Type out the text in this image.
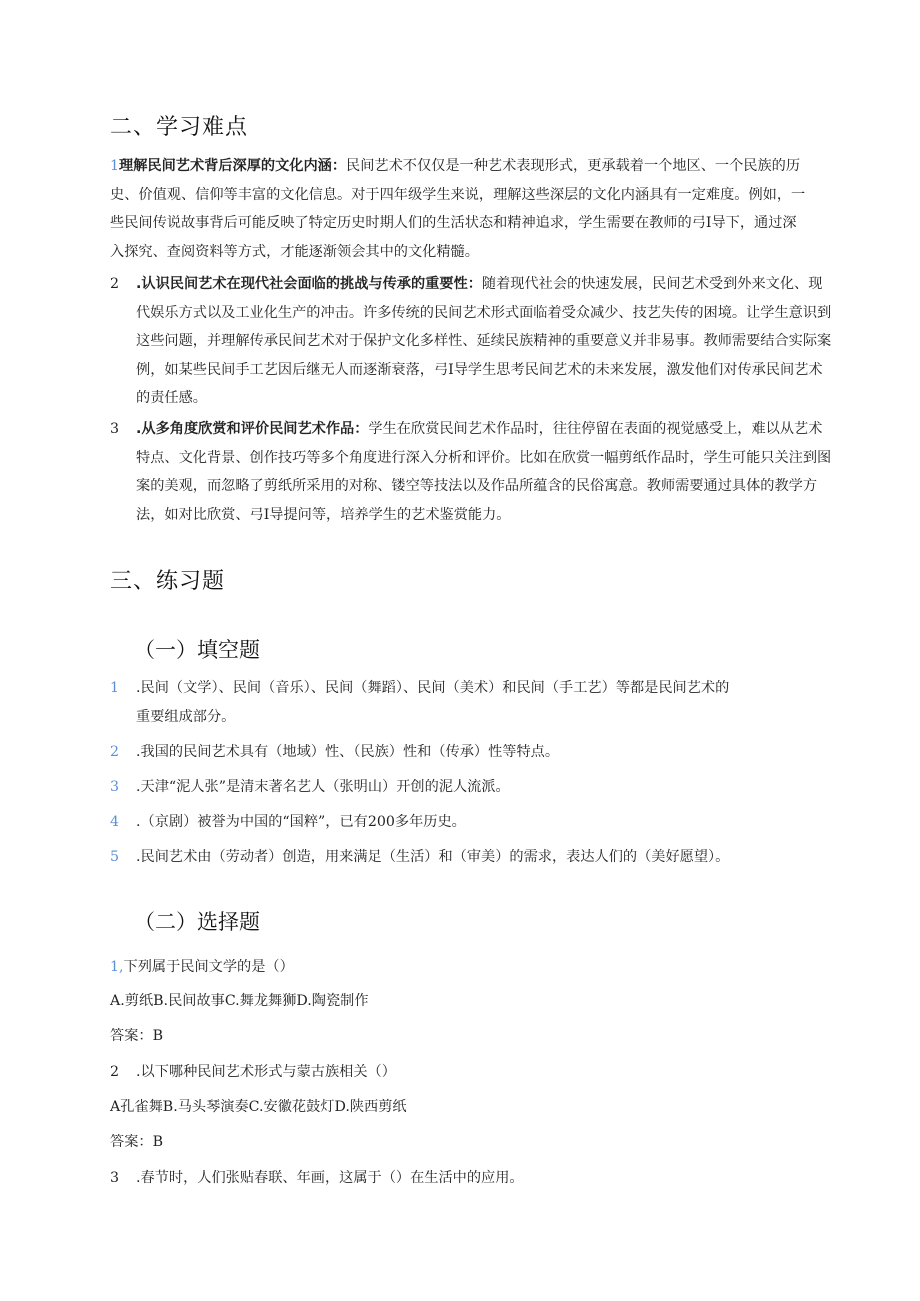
二、学习难点
1理解民间艺术背后深厚的文化内涵：民间艺术不仅仅是一种艺术表现形式，更承载着一个地区、一个民族的历史、价值观、信仰等丰富的文化信息。对于四年级学生来说，理解这些深层的文化内涵具有一定难度。例如，一些民间传说故事背后可能反映了特定历史时期人们的生活状态和精神追求，学生需要在教师的弓I导下，通过深入探究、查阅资料等方式，才能逐渐领会其中的文化精髓。
2 .认识民间艺术在现代社会面临的挑战与传承的重要性：随着现代社会的快速发展，民间艺术受到外来文化、现代娱乐方式以及工业化生产的冲击。许多传统的民间艺术形式面临着受众减少、技艺失传的困境。让学生意识到这些问题，并理解传承民间艺术对于保护文化多样性、延续民族精神的重要意义并非易事。教师需要结合实际案例，如某些民间手工艺因后继无人而逐渐衰落，弓I导学生思考民间艺术的未来发展，激发他们对传承民间艺术的责任感。
3 .从多角度欣赏和评价民间艺术作品：学生在欣赏民间艺术作品时，往往停留在表面的视觉感受上，难以从艺术特点、文化背景、创作技巧等多个角度进行深入分析和评价。比如在欣赏一幅剪纸作品时，学生可能只关注到图案的美观，而忽略了剪纸所采用的对称、镂空等技法以及作品所蕴含的民俗寓意。教师需要通过具体的教学方法，如对比欣赏、弓I导提问等，培养学生的艺术鉴赏能力。
三、练习题
（一）填空题
1 .民间（文学）、民间（音乐）、民间（舞蹈）、民间（美术）和民间（手工艺）等都是民间艺术的
重要组成部分。
2 .我国的民间艺术具有（地域）性、（民族）性和（传承）性等特点。
3 .天津“泥人张”是清末著名艺人（张明山）开创的泥人流派。
4 .（京剧）被誉为中国的“国粹”，已有200多年历史。
5 .民间艺术由（劳动者）创造，用来满足（生活）和（审美）的需求，表达人们的（美好愿望）。
（二）选择题
1,下列属于民间文学的是（）
A.剪纸B.民间故事C.舞龙舞狮D.陶瓷制作
答案：B
2 .以下哪种民间艺术形式与蒙古族相关（）
A孔雀舞B.马头琴演奏C.安徽花鼓灯D.陕西剪纸
答案：B
3 .春节时，人们张贴春联、年画，这属于（）在生活中的应用。
